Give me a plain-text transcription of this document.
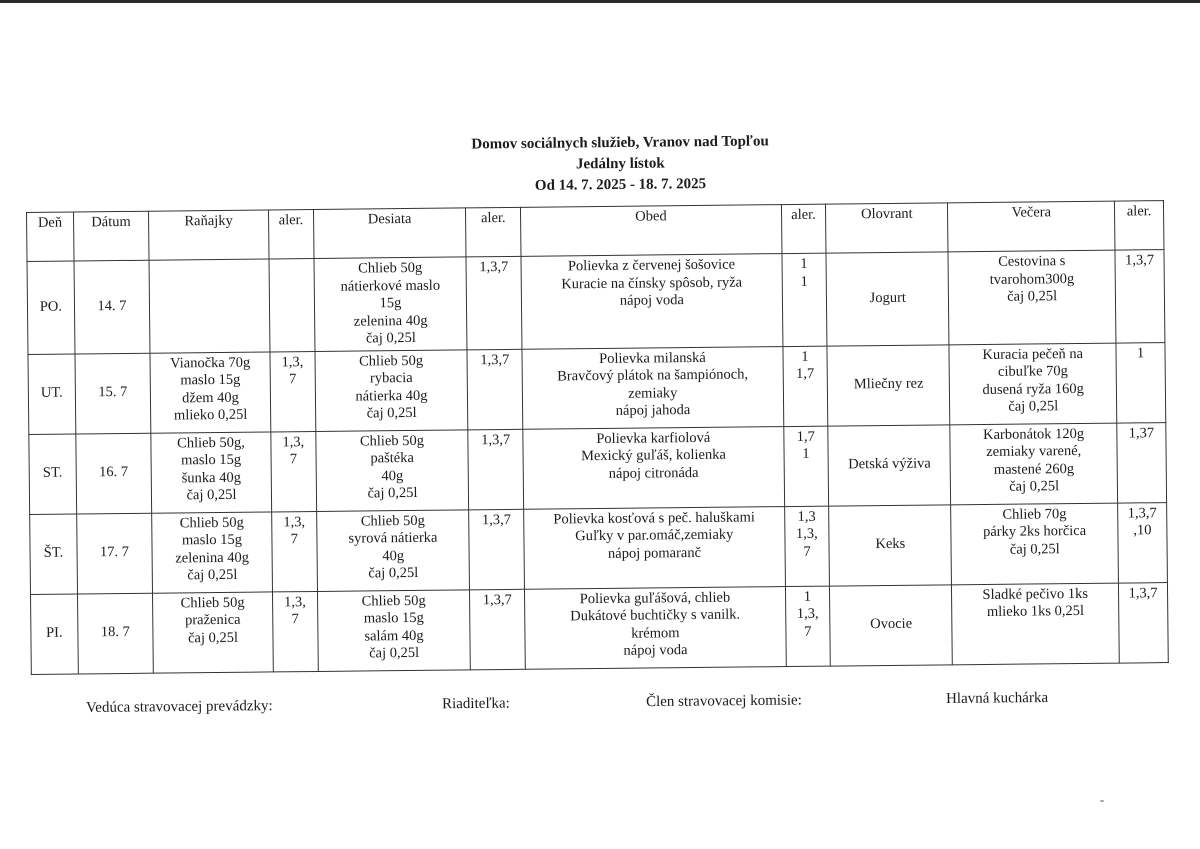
Domov sociálnych služieb, Vranov nad Topľou
Jedálny lístok
Od 14. 7. 2025 - 18. 7. 2025
Deň	Dátum	Raňajky	aler.	Desiata	aler.	Obed	aler.	Olovrant	Večera	aler.
PO.	14. 7			Chlieb 50g
nátierkové maslo
15g
zelenina 40g
čaj 0,25l	1,3,7	Polievka z červenej šošovice
Kuracie na čínsky spôsob, ryža
nápoj voda	1
1	Jogurt	Cestovina s
tvarohom300g
čaj 0,25l	1,3,7

UT.	15. 7	Vianočka 70g
maslo 15g
džem 40g
mlieko 0,25l	1,3,
7	Chlieb 50g
rybacia
nátierka 40g
čaj 0,25l	1,3,7	Polievka milanská
Bravčový plátok na šampiónoch,
zemiaky
nápoj jahoda	1
1,7	Mliečny rez	Kuracia pečeň na
cibuľke 70g
dusená ryža 160g
čaj 0,25l	1

ST.	16. 7	Chlieb 50g,
maslo 15g
šunka 40g
čaj 0,25l	1,3,
7	Chlieb 50g
paštéka
40g
čaj 0,25l	1,3,7	Polievka karfiolová
Mexický guľáš, kolienka
nápoj citronáda	1,7
1	Detská výživa	Karbonátok 120g
zemiaky varené,
mastené 260g
čaj 0,25l	1,37

ŠT.	17. 7	Chlieb 50g
maslo 15g
zelenina 40g
čaj 0,25l	1,3,
7	Chlieb 50g
syrová nátierka
40g
čaj 0,25l	1,3,7	Polievka kosťová s peč. haluškami
Guľky v par.omáč,zemiaky
nápoj pomaranč	1,3
1,3,
7	Keks	Chlieb 70g
párky 2ks horčica
čaj 0,25l	1,3,7
,10

PI.	18. 7	Chlieb 50g
praženica
čaj 0,25l	1,3,
7	Chlieb 50g
maslo 15g
salám 40g
čaj 0,25l	1,3,7	Polievka guľášová, chlieb
Dukátové buchtičky s vanilk.
krémom
nápoj voda	1
1,3,
7	Ovocie	Sladké pečivo 1ks
mlieko 1ks 0,25l	1,3,7
Vedúca stravovacej prevádzky:	Riaditeľka:	Člen stravovacej komisie:	Hlavná kuchárka
